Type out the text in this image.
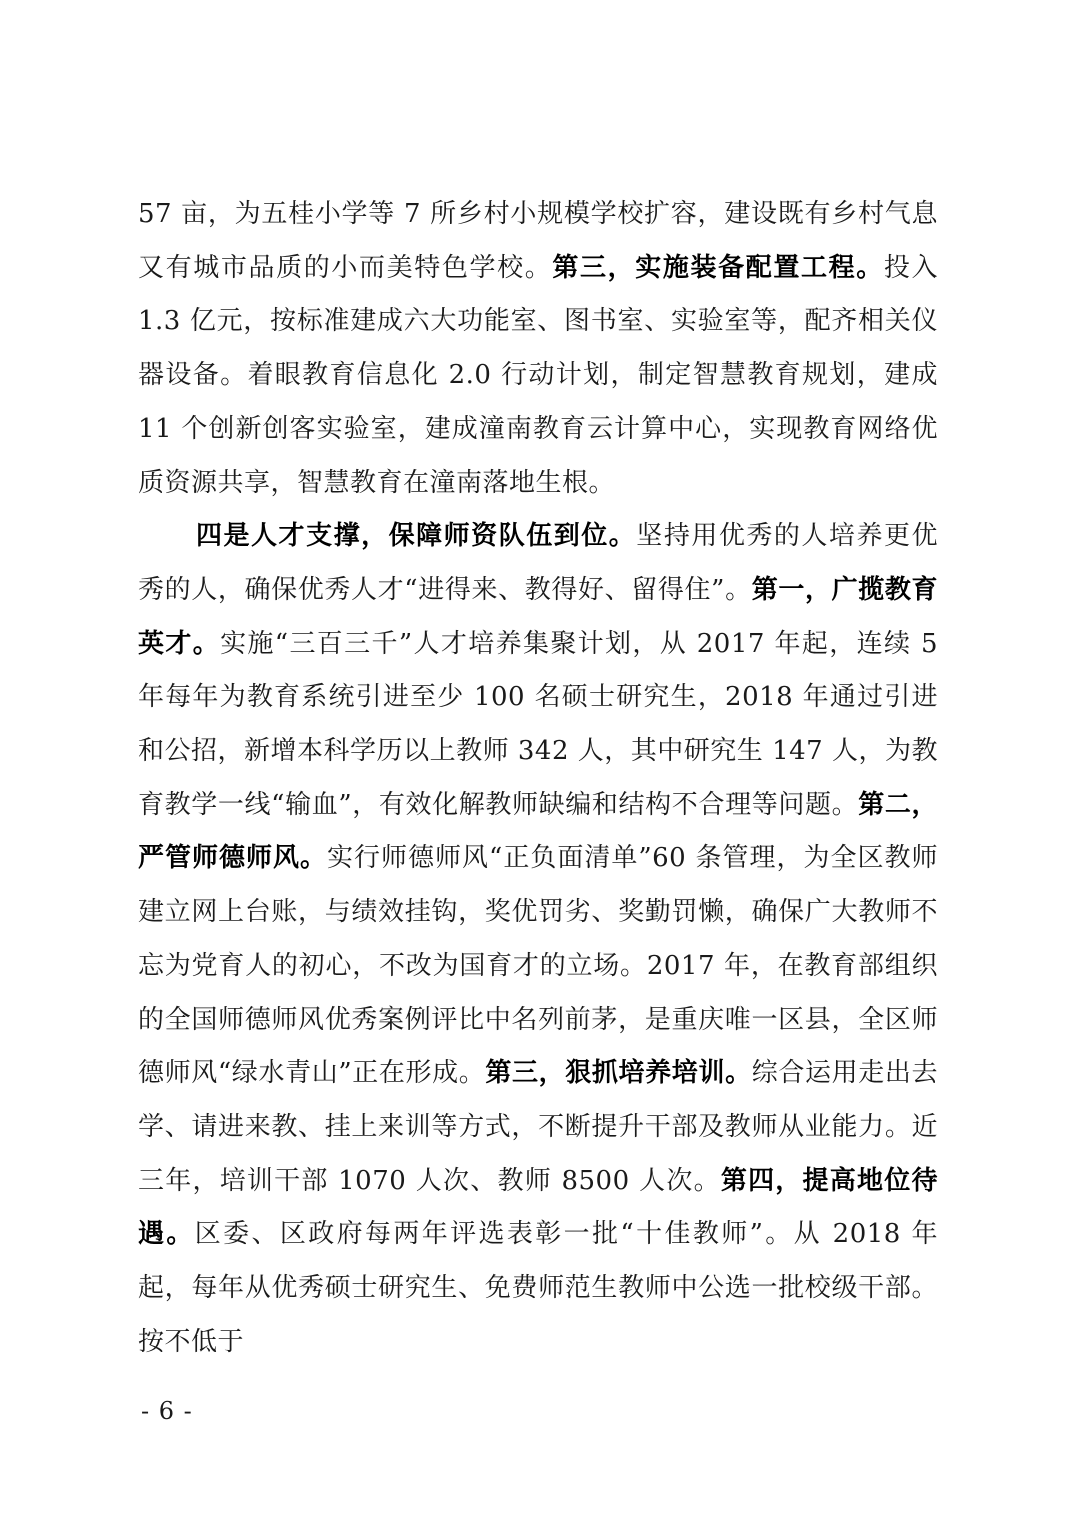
57 亩，为五桂小学等 7 所乡村小规模学校扩容，建设既有乡村气息又有城市品质的小而美特色学校。第三，实施装备配置工程。投入 1.3 亿元，按标准建成六大功能室、图书室、实验室等，配齐相关仪器设备。着眼教育信息化 2.0 行动计划，制定智慧教育规划，建成 11 个创新创客实验室，建成潼南教育云计算中心，实现教育网络优质资源共享，智慧教育在潼南落地生根。

四是人才支撑，保障师资队伍到位。坚持用优秀的人培养更优秀的人，确保优秀人才“进得来、教得好、留得住”。第一，广揽教育英才。实施“三百三千”人才培养集聚计划，从 2017 年起，连续 5 年每年为教育系统引进至少 100 名硕士研究生，2018 年通过引进和公招，新增本科学历以上教师 342 人，其中研究生 147 人，为教育教学一线“输血”，有效化解教师缺编和结构不合理等问题。第二，严管师德师风。实行师德师风“正负面清单”60 条管理，为全区教师建立网上台账，与绩效挂钩，奖优罚劣、奖勤罚懒，确保广大教师不忘为党育人的初心，不改为国育才的立场。2017 年，在教育部组织的全国师德师风优秀案例评比中名列前茅，是重庆唯一区县，全区师德师风“绿水青山”正在形成。第三，狠抓培养培训。综合运用走出去学、请进来教、挂上来训等方式，不断提升干部及教师从业能力。近三年，培训干部 1070 人次、教师 8500 人次。第四，提高地位待遇。区委、区政府每两年评选表彰一批“十佳教师”。从 2018 年起，每年从优秀硕士研究生、免费师范生教师中公选一批校级干部。按不低于

- 6 -
